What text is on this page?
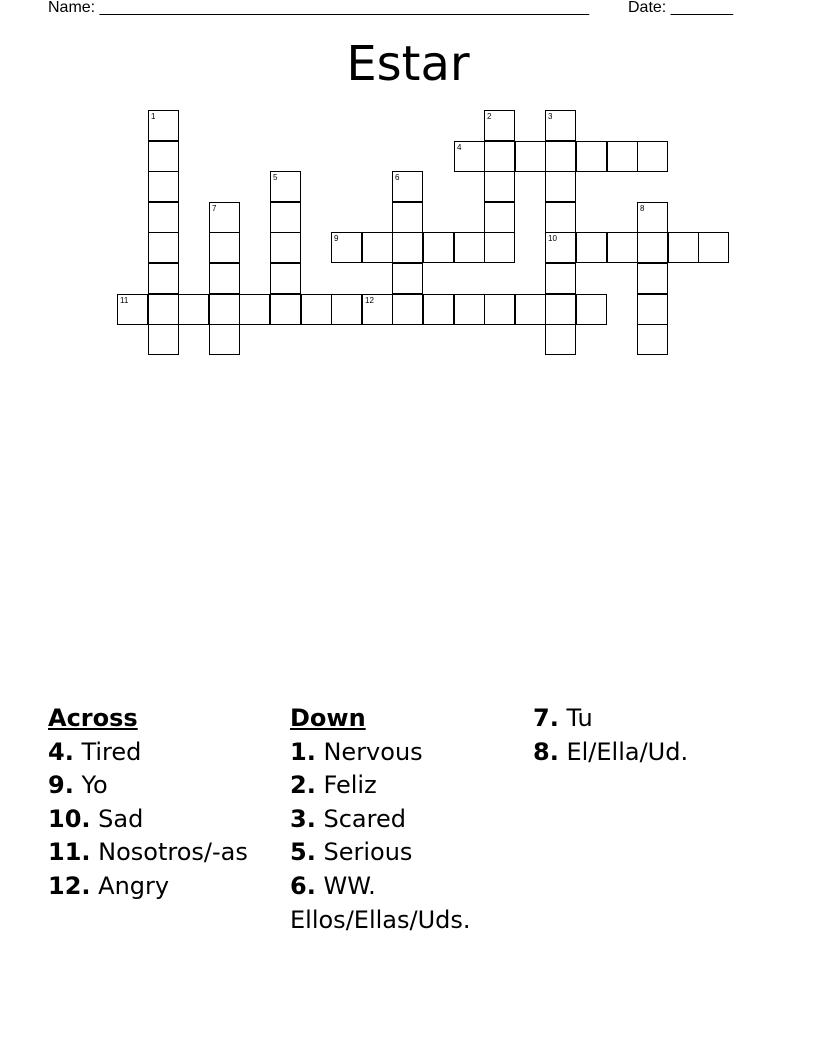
Name: _______________________________________________________ Date: _______
Estar
1	2	3
10
4
5	6
7	8
9
11	12
Across
4. Tired
9. Yo
10. Sad
11. Nosotros/-as
12. Angry
Down
1. Nervous
2. Feliz
3. Scared
5. Serious
6. WW. Ellos/Ellas/Uds.
7. Tu
8. El/Ella/Ud.
